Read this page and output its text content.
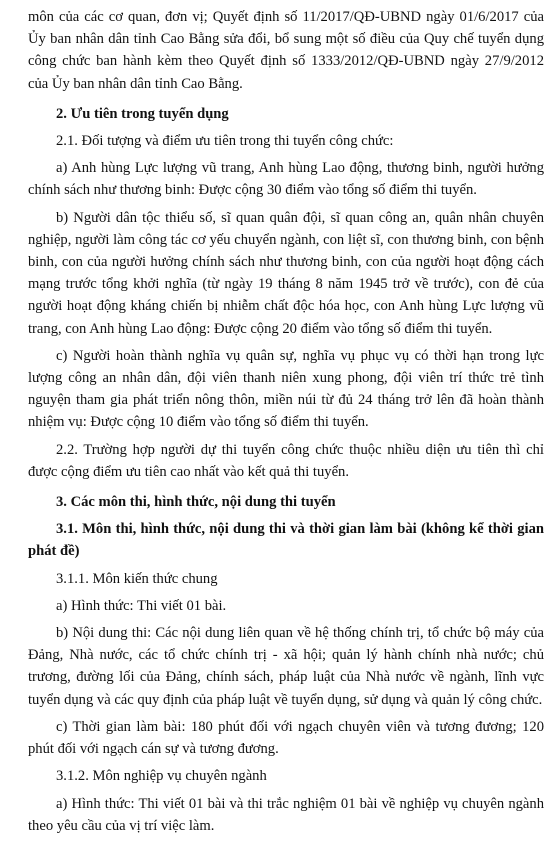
môn của các cơ quan, đơn vị; Quyết định số 11/2017/QĐ-UBND ngày 01/6/2017 của Ủy ban nhân dân tỉnh Cao Bằng sửa đổi, bổ sung một số điều của Quy chế tuyển dụng công chức ban hành kèm theo Quyết định số 1333/2012/QĐ-UBND ngày 27/9/2012 của Ủy ban nhân dân tỉnh Cao Bằng.

2. Ưu tiên trong tuyển dụng

2.1. Đối tượng và điểm ưu tiên trong thi tuyển công chức:

a) Anh hùng Lực lượng vũ trang, Anh hùng Lao động, thương binh, người hưởng chính sách như thương binh: Được cộng 30 điểm vào tổng số điểm thi tuyển.

b) Người dân tộc thiểu số, sĩ quan quân đội, sĩ quan công an, quân nhân chuyên nghiệp, người làm công tác cơ yếu chuyển ngành, con liệt sĩ, con thương binh, con bệnh binh, con của người hưởng chính sách như thương binh, con của người hoạt động cách mạng trước tổng khởi nghĩa (từ ngày 19 tháng 8 năm 1945 trở về trước), con đẻ của người hoạt động kháng chiến bị nhiễm chất độc hóa học, con Anh hùng Lực lượng vũ trang, con Anh hùng Lao động: Được cộng 20 điểm vào tổng số điểm thi tuyển.

c) Người hoàn thành nghĩa vụ quân sự, nghĩa vụ phục vụ có thời hạn trong lực lượng công an nhân dân, đội viên thanh niên xung phong, đội viên trí thức trẻ tình nguyện tham gia phát triển nông thôn, miền núi từ đủ 24 tháng trở lên đã hoàn thành nhiệm vụ: Được cộng 10 điểm vào tổng số điểm thi tuyển.

2.2. Trường hợp người dự thi tuyển công chức thuộc nhiều diện ưu tiên thì chỉ được cộng điểm ưu tiên cao nhất vào kết quả thi tuyển.

3. Các môn thi, hình thức, nội dung thi tuyển

3.1. Môn thi, hình thức, nội dung thi và thời gian làm bài (không kể thời gian phát đề)

3.1.1. Môn kiến thức chung

a) Hình thức: Thi viết 01 bài.

b) Nội dung thi: Các nội dung liên quan về hệ thống chính trị, tổ chức bộ máy của Đảng, Nhà nước, các tổ chức chính trị - xã hội; quản lý hành chính nhà nước; chủ trương, đường lối của Đảng, chính sách, pháp luật của Nhà nước về ngành, lĩnh vực tuyển dụng và các quy định của pháp luật về tuyển dụng, sử dụng và quản lý công chức.

c) Thời gian làm bài: 180 phút đối với ngạch chuyên viên và tương đương; 120 phút đối với ngạch cán sự và tương đương.

3.1.2. Môn nghiệp vụ chuyên ngành

a) Hình thức: Thi viết 01 bài và thi trắc nghiệm 01 bài về nghiệp vụ chuyên ngành theo yêu cầu của vị trí việc làm.
